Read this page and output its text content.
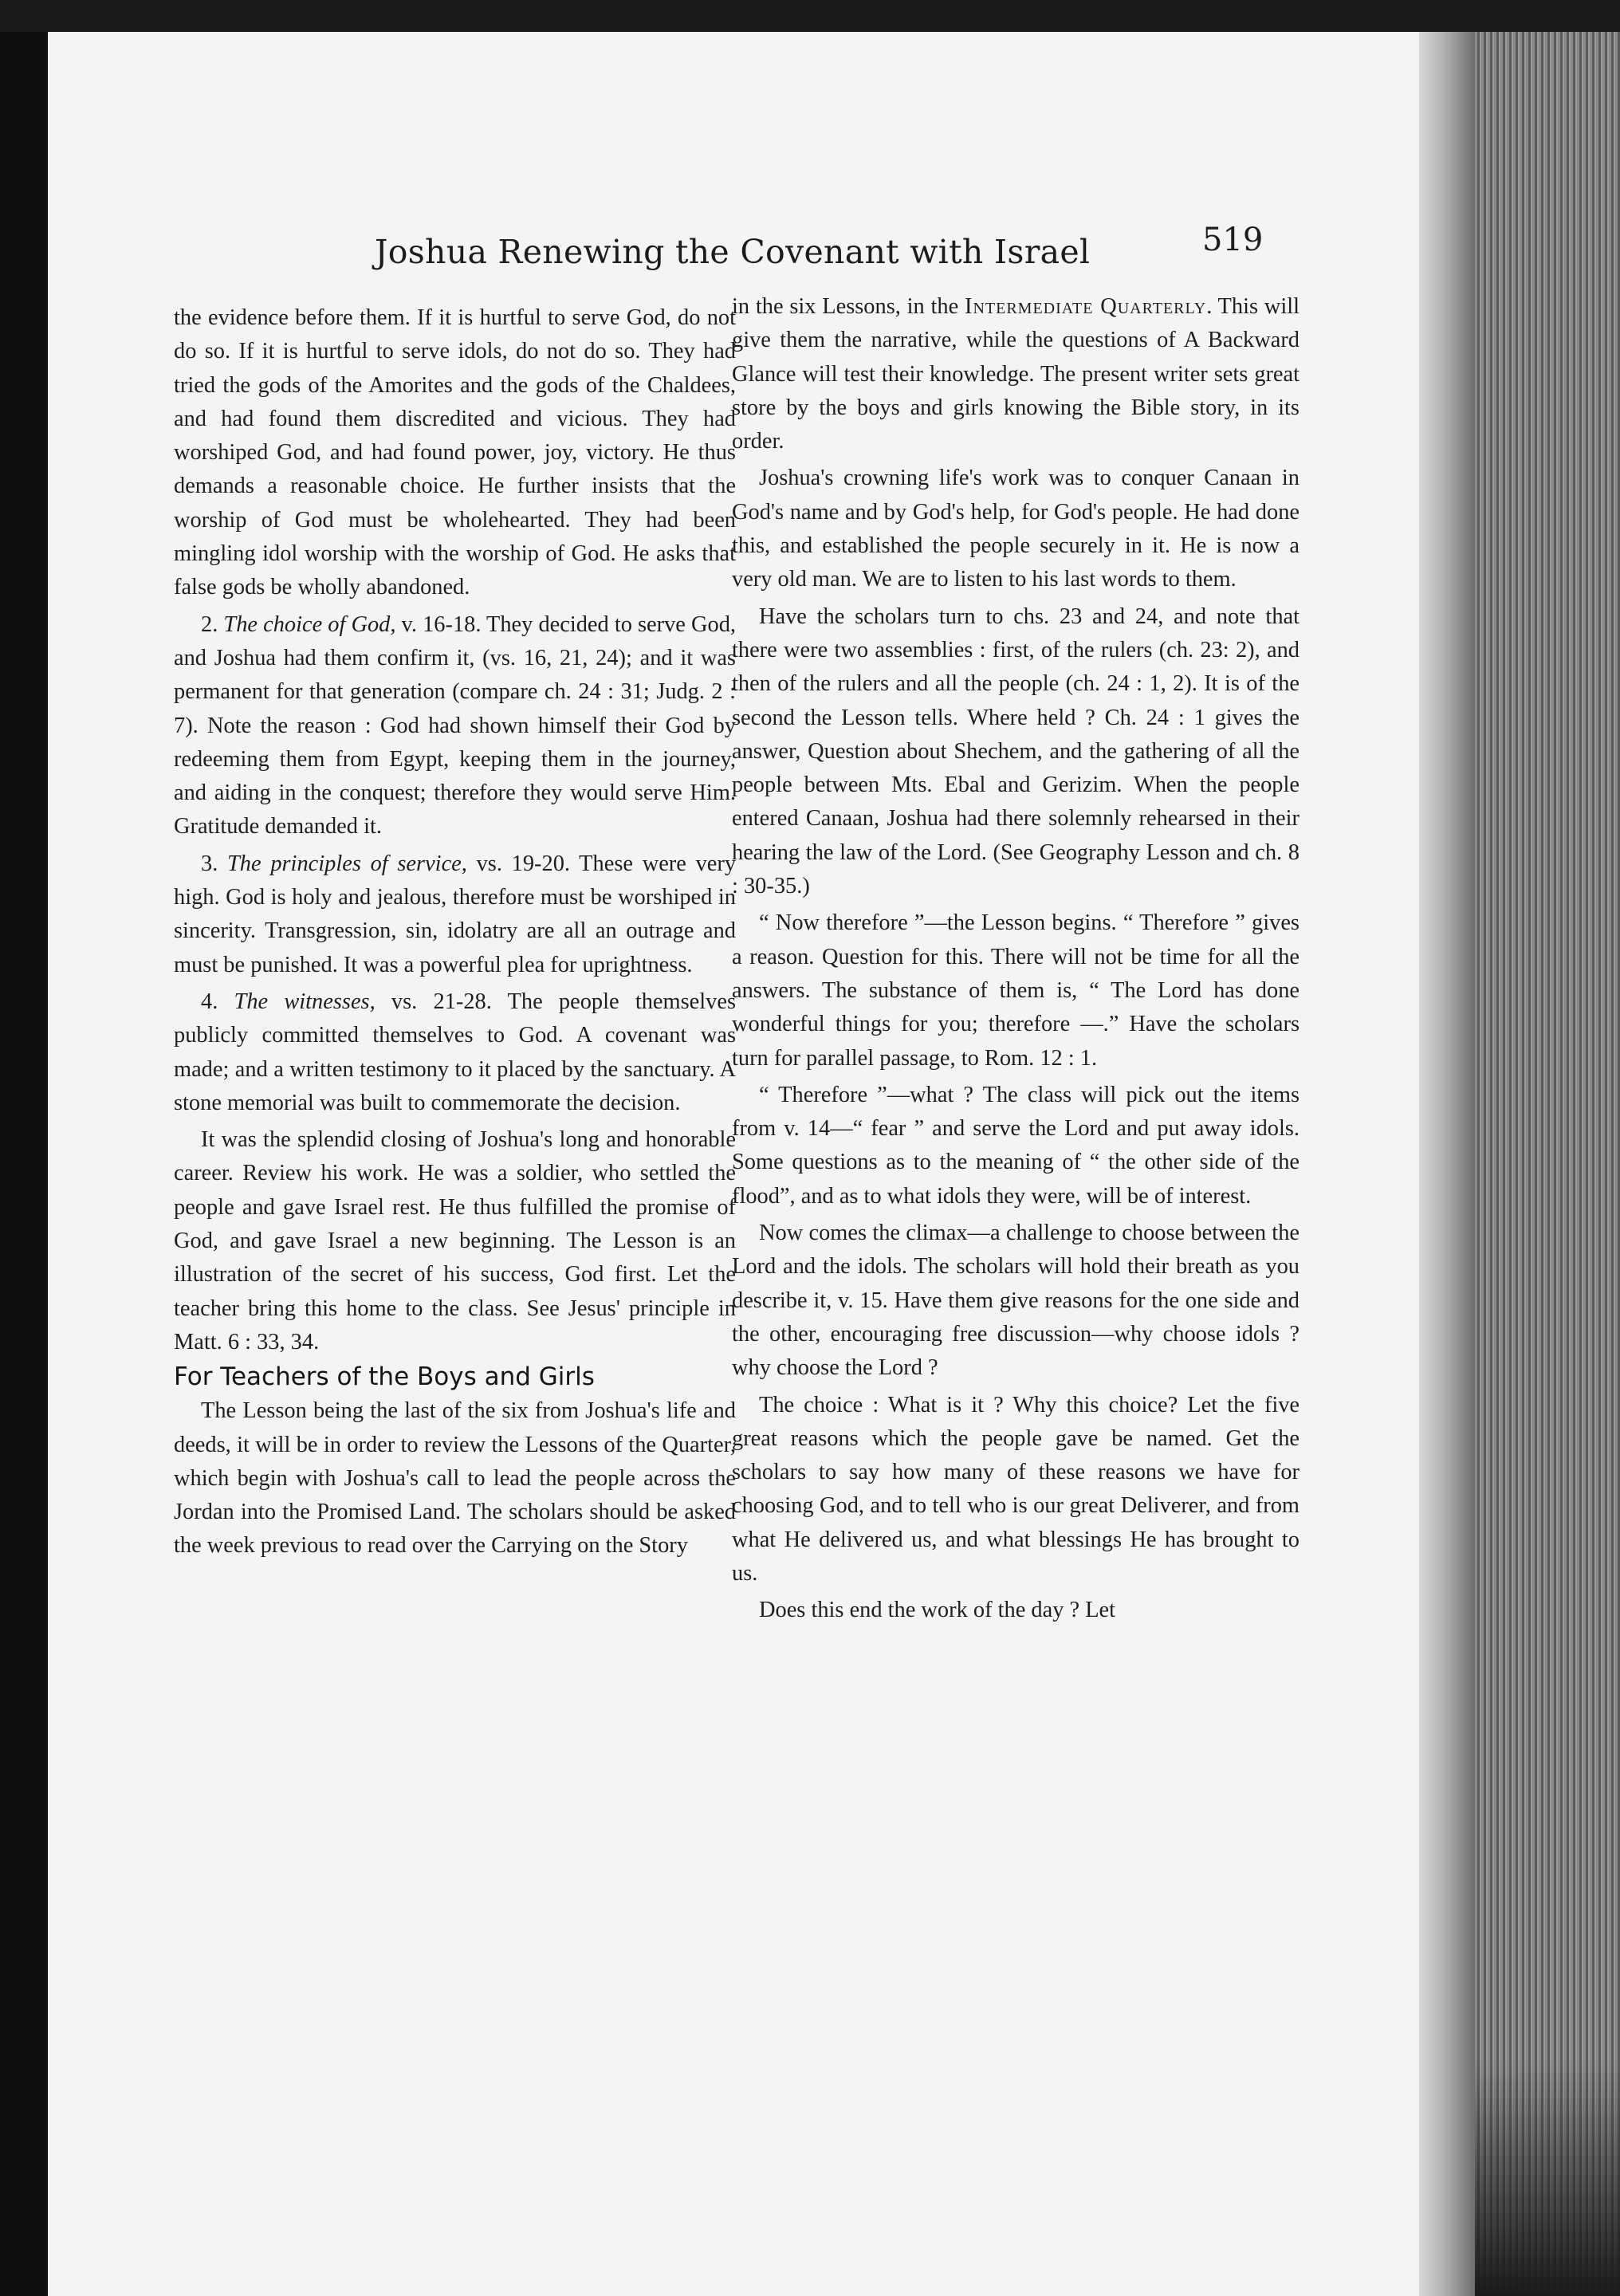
Joshua Renewing the Covenant with Israel	519

the evidence before them. If it is hurtful to serve God, do not do so. If it is hurtful to serve idols, do not do so. They had tried the gods of the Amorites and the gods of the Chaldees, and had found them discredited and vicious. They had worshiped God, and had found power, joy, victory. He thus demands a reasonable choice. He further insists that the worship of God must be wholehearted. They had been mingling idol worship with the worship of God. He asks that false gods be wholly abandoned.

2. The choice of God, v. 16-18. They decided to serve God, and Joshua had them confirm it, (vs. 16, 21, 24); and it was permanent for that generation (compare ch. 24 : 31; Judg. 2 : 7). Note the reason : God had shown himself their God by redeeming them from Egypt, keeping them in the journey, and aiding in the conquest; therefore they would serve Him. Gratitude demanded it.

3. The principles of service, vs. 19-20. These were very high. God is holy and jealous, therefore must be worshiped in sincerity. Transgression, sin, idolatry are all an outrage and must be punished. It was a powerful plea for uprightness.

4. The witnesses, vs. 21-28. The people themselves publicly committed themselves to God. A covenant was made; and a written testimony to it placed by the sanctuary. A stone memorial was built to commemorate the decision.

It was the splendid closing of Joshua's long and honorable career. Review his work. He was a soldier, who settled the people and gave Israel rest. He thus fulfilled the promise of God, and gave Israel a new beginning. The Lesson is an illustration of the secret of his success, God first. Let the teacher bring this home to the class. See Jesus' principle in Matt. 6 : 33, 34.

For Teachers of the Boys and Girls

The Lesson being the last of the six from Joshua's life and deeds, it will be in order to review the Lessons of the Quarter, which begin with Joshua's call to lead the people across the Jordan into the Promised Land. The scholars should be asked the week previous to read over the Carrying on the Story

in the six Lessons, in the Intermediate Quarterly. This will give them the narrative, while the questions of A Backward Glance will test their knowledge. The present writer sets great store by the boys and girls knowing the Bible story, in its order.

Joshua's crowning life's work was to conquer Canaan in God's name and by God's help, for God's people. He had done this, and established the people securely in it. He is now a very old man. We are to listen to his last words to them.

Have the scholars turn to chs. 23 and 24, and note that there were two assemblies : first, of the rulers (ch. 23: 2), and then of the rulers and all the people (ch. 24 : 1, 2). It is of the second the Lesson tells. Where held ? Ch. 24 : 1 gives the answer, Question about Shechem, and the gathering of all the people between Mts. Ebal and Gerizim. When the people entered Canaan, Joshua had there solemnly rehearsed in their hearing the law of the Lord. (See Geography Lesson and ch. 8 : 30-35.)

“ Now therefore ”—the Lesson begins. “ Therefore ” gives a reason. Question for this. There will not be time for all the answers. The substance of them is, “ The Lord has done wonderful things for you; therefore —.” Have the scholars turn for parallel passage, to Rom. 12 : 1.

“ Therefore ”—what ? The class will pick out the items from v. 14—“ fear ” and serve the Lord and put away idols. Some questions as to the meaning of “ the other side of the flood”, and as to what idols they were, will be of interest.

Now comes the climax—a challenge to choose between the Lord and the idols. The scholars will hold their breath as you describe it, v. 15. Have them give reasons for the one side and the other, encouraging free discussion—why choose idols ? why choose the Lord ?

The choice : What is it ? Why this choice? Let the five great reasons which the people gave be named. Get the scholars to say how many of these reasons we have for choosing God, and to tell who is our great Deliverer, and from what He delivered us, and what blessings He has brought to us.

Does this end the work of the day ? Let
